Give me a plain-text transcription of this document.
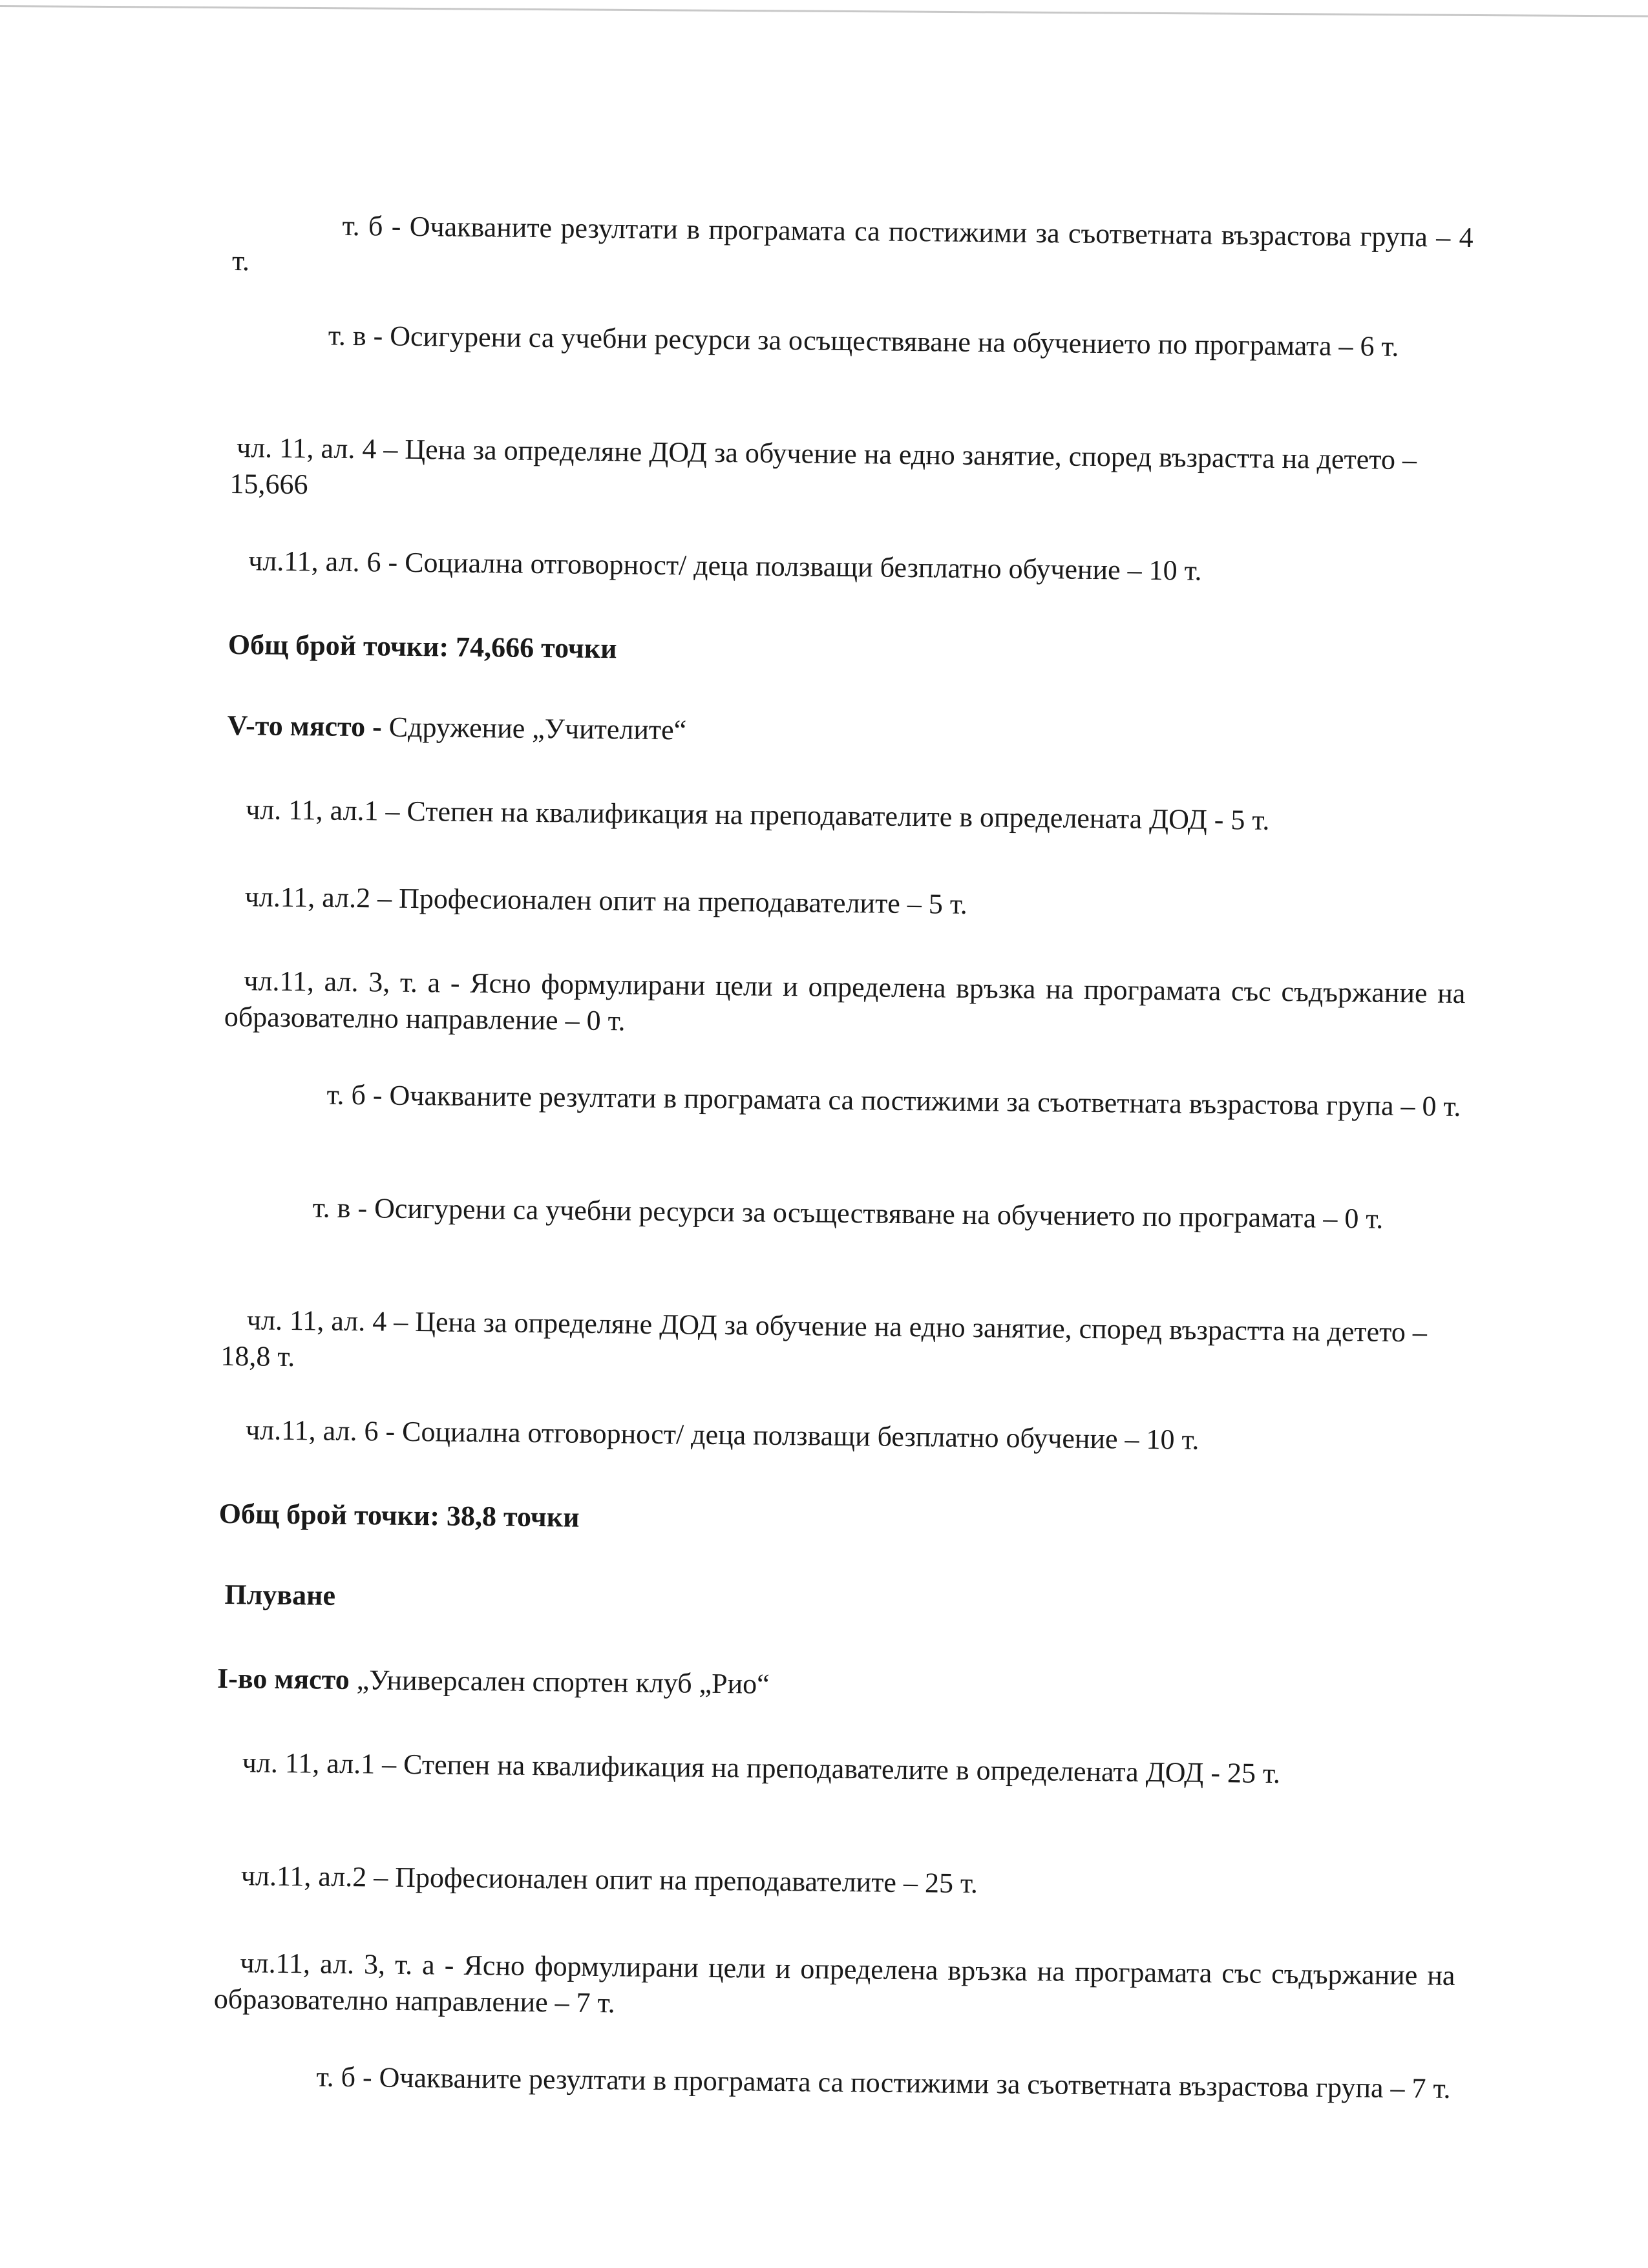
т. б - Очакваните резултати в програмата са постижими за съответната възрастова група – 4 т.

т. в - Осигурени са учебни ресурси за осъществяване на обучението по програмата – 6 т.

чл. 11, ал. 4 – Цена за определяне ДОД за обучение на едно занятие, според възрастта на детето – 15,666

чл.11, ал. 6 - Социална отговорност/ деца ползващи безплатно обучение – 10 т.

Общ брой точки: 74,666 точки

V-то място - Сдружение „Учителите“

чл. 11, ал.1 – Степен на квалификация на преподавателите в определената ДОД - 5 т.

чл.11, ал.2 – Професионален опит на преподавателите – 5 т.

чл.11, ал. 3, т. а - Ясно формулирани цели и определена връзка на програмата със съдържание на образователно направление – 0 т.

т. б - Очакваните резултати в програмата са постижими за съответната възрастова група – 0 т.

т. в - Осигурени са учебни ресурси за осъществяване на обучението по програмата – 0 т.

чл. 11, ал. 4 – Цена за определяне ДОД за обучение на едно занятие, според възрастта на детето – 18,8 т.

чл.11, ал. 6 - Социална отговорност/ деца ползващи безплатно обучение – 10 т.

Общ брой точки: 38,8 точки

Плуване

I-во място „Универсален спортен клуб „Рио“

чл. 11, ал.1 – Степен на квалификация на преподавателите в определената ДОД - 25 т.

чл.11, ал.2 – Професионален опит на преподавателите – 25 т.

чл.11, ал. 3, т. а - Ясно формулирани цели и определена връзка на програмата със съдържание на образователно направление – 7 т.

т. б - Очакваните резултати в програмата са постижими за съответната възрастова група – 7 т.
